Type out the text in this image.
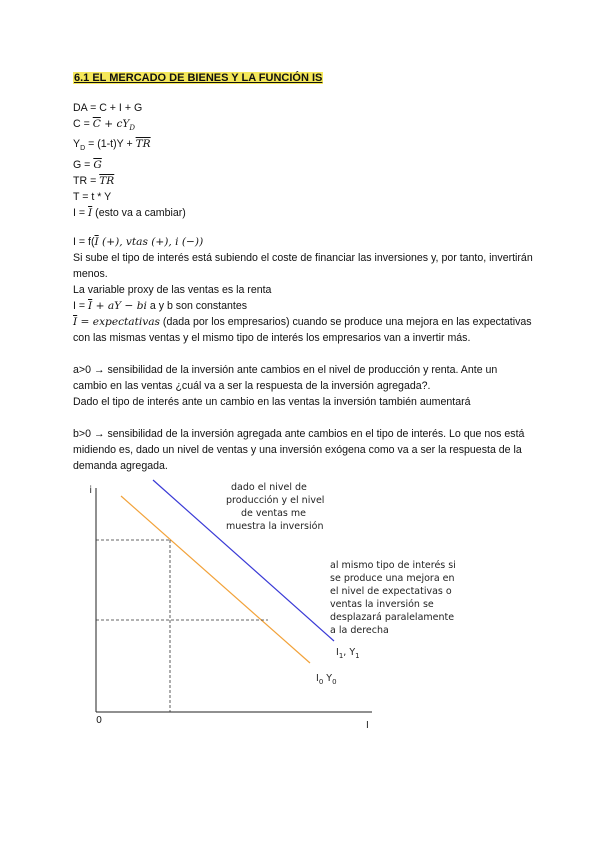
6.1 EL MERCADO DE BIENES Y LA FUNCIÓN IS
DA = C + I + G
$C = \overline{C} + cY_D$
$Y_D = (1-t)Y + \overline{TR}$
$G = \overline{G}$
TR = $\overline{TR}$
T = t * Y
$I = \overline{I}$ (esto va a cambiar)
$I = f(\overline{I}$ (+), vtas (+), i (−))
Si sube el tipo de interés está subiendo el coste de financiar las inversiones y, por tanto, invertirán menos.
La variable proxy de las ventas es la renta
$I = \overline{I}$ + aY − bi a y b son constantes
$\overline{I}$ = expectativas (dada por los empresarios) cuando se produce una mejora en las expectativas con las mismas ventas y el mismo tipo de interés los empresarios van a invertir más.
a>0 → sensibilidad de la inversión ante cambios en el nivel de producción y renta. Ante un cambio en las ventas ¿cuál va a ser la respuesta de la inversión agregada?.
Dado el tipo de interés ante un cambio en las ventas la inversión también aumentará
b>0 → sensibilidad de la inversión agregada ante cambios en el tipo de interés. Lo que nos está midiendo es, dado un nivel de ventas y una inversión exógena como va a ser la respuesta de la demanda agregada.
i
I
0
$I_1$, $Y_1$
$I_0$ $Y_0$
dado el nivel de
producción y el nivel
de ventas me
muestra la inversión
al mismo tipo de interés si
se produce una mejora en
el nivel de expectativas o
ventas la inversión se
desplazará paralelamente
a la derecha
